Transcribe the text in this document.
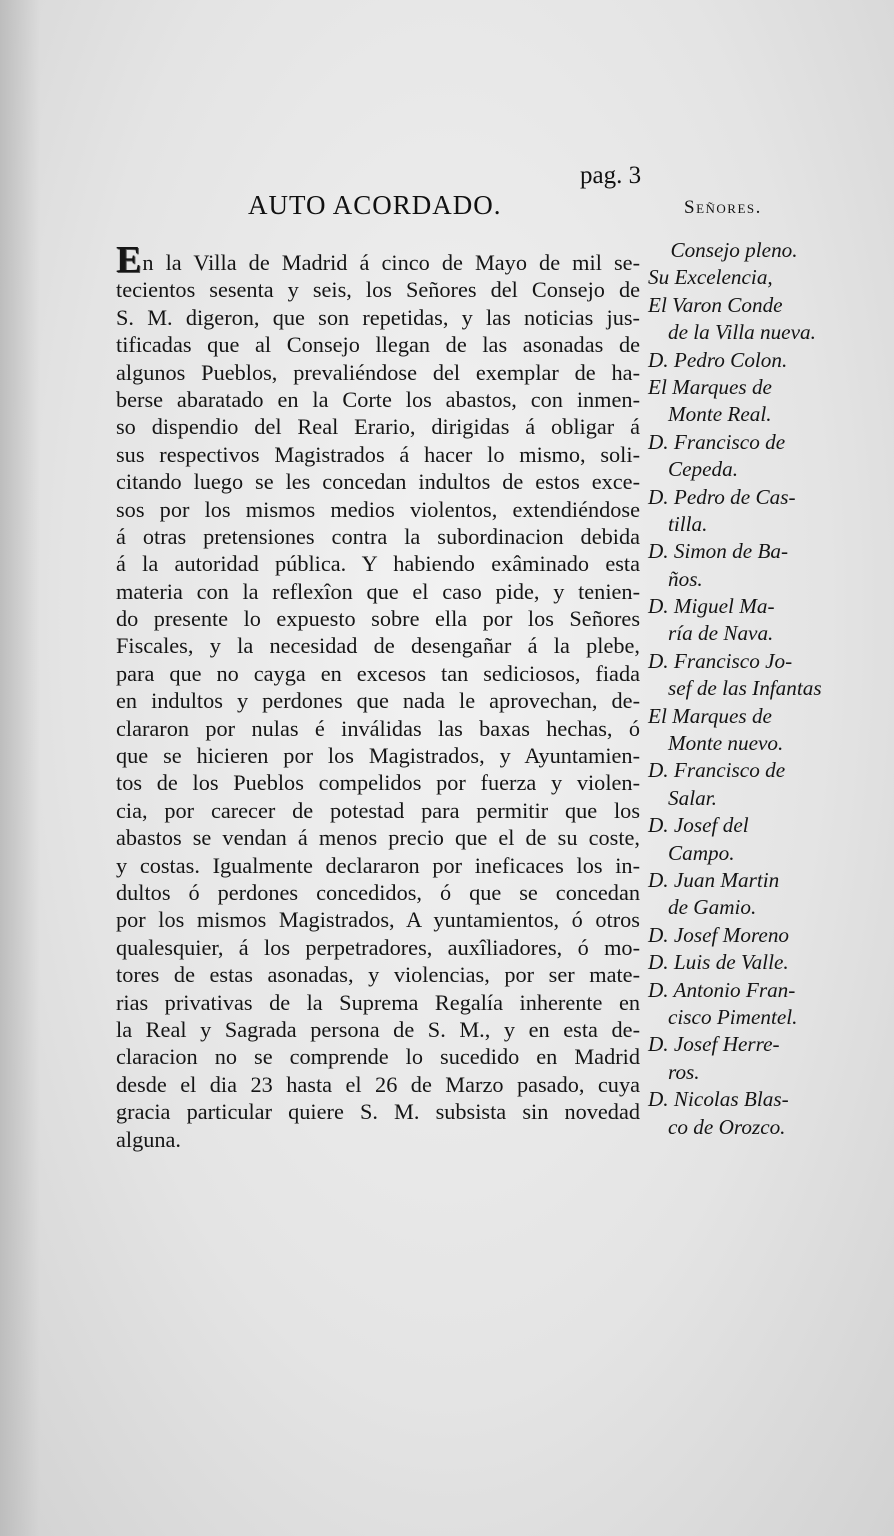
pag. 3
AUTO ACORDADO.	Señores.
En la Villa de Madrid á cinco de Mayo de mil se-
tecientos sesenta y seis, los Señores del Consejo de
S. M. digeron, que son repetidas, y las noticias jus-
tificadas que al Consejo llegan de las asonadas de
algunos Pueblos, prevaliéndose del exemplar de ha-
berse abaratado en la Corte los abastos, con inmen-
so dispendio del Real Erario, dirigidas á obligar á
sus respectivos Magistrados á hacer lo mismo, soli-
citando luego se les concedan indultos de estos exce-
sos por los mismos medios violentos, extendiéndose
á otras pretensiones contra la subordinacion debida
á la autoridad pública. Y habiendo exâminado esta
materia con la reflexîon que el caso pide, y tenien-
do presente lo expuesto sobre ella por los Señores
Fiscales, y la necesidad de desengañar á la plebe,
para que no cayga en excesos tan sediciosos, fiada
en indultos y perdones que nada le aprovechan, de-
clararon por nulas é inválidas las baxas hechas, ó
que se hicieren por los Magistrados, y Ayuntamien-
tos de los Pueblos compelidos por fuerza y violen-
cia, por carecer de potestad para permitir que los
abastos se vendan á menos precio que el de su coste,
y costas. Igualmente declararon por ineficaces los in-
dultos ó perdones concedidos, ó que se concedan
por los mismos Magistrados, A yuntamientos, ó otros
qualesquier, á los perpetradores, auxîliadores, ó mo-
tores de estas asonadas, y violencias, por ser mate-
rias privativas de la Suprema Regalía inherente en
la Real y Sagrada persona de S. M., y en esta de-
claracion no se comprende lo sucedido en Madrid
desde el dia 23 hasta el 26 de Marzo pasado, cuya
gracia particular quiere S. M. subsista sin novedad
alguna.
Consejo pleno.
Su Excelencia,
El Varon Conde
de la Villa nueva.
D. Pedro Colon.
El Marques de
Monte Real.
D. Francisco de
Cepeda.
D. Pedro de Cas-
tilla.
D. Simon de Ba-
ños.
D. Miguel Ma-
ría de Nava.
D. Francisco Jo-
sef de las Infantas
El Marques de
Monte nuevo.
D. Francisco de
Salar.
D. Josef del
Campo.
D. Juan Martin
de Gamio.
D. Josef Moreno
D. Luis de Valle.
D. Antonio Fran-
cisco Pimentel.
D. Josef Herre-
ros.
D. Nicolas Blas-
co de Orozco.
